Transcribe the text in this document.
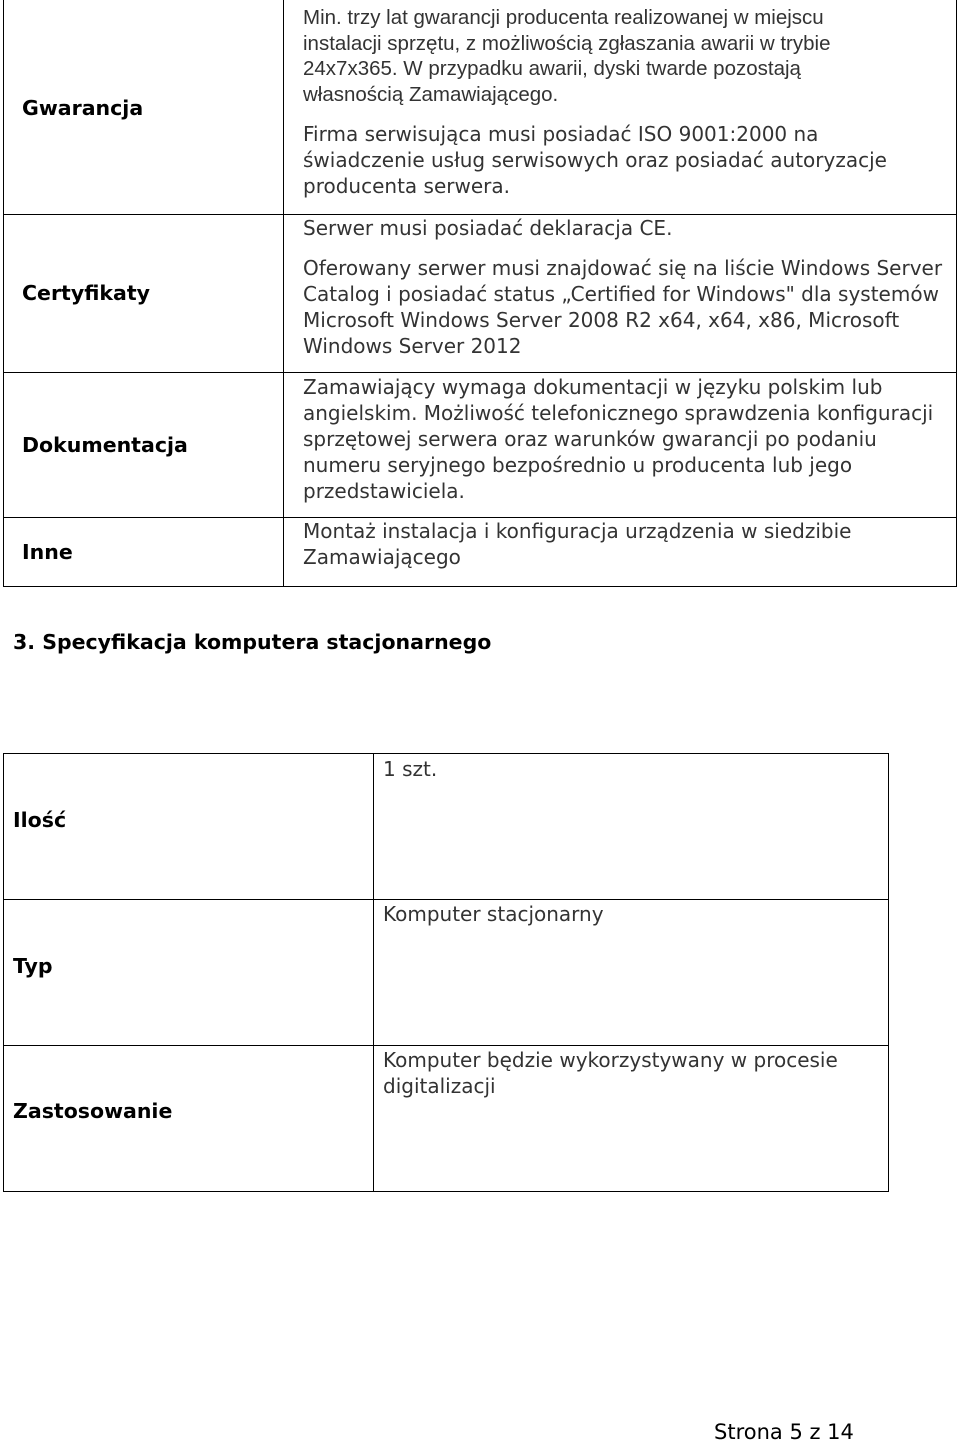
Gwarancja
Min. trzy lat gwarancji producenta realizowanej w miejscu instalacji sprzętu, z możliwością zgłaszania awarii w trybie 24x7x365. W przypadku awarii, dyski twarde pozostają własnością Zamawiającego.
Firma serwisująca musi posiadać ISO 9001:2000 na świadczenie usług serwisowych oraz posiadać autoryzacje producenta serwera.
Certyfikaty
Serwer musi posiadać deklaracja CE.
Oferowany serwer musi znajdować się na liście Windows Server Catalog i posiadać status „Certified for Windows" dla systemów Microsoft Windows Server 2008 R2 x64, x64, x86, Microsoft Windows Server 2012
Dokumentacja
Zamawiający wymaga dokumentacji w języku polskim lub angielskim. Możliwość telefonicznego sprawdzenia konfiguracji sprzętowej serwera oraz warunków gwarancji po podaniu numeru seryjnego bezpośrednio u producenta lub jego przedstawiciela.
Inne
Montaż instalacja i konfiguracja urządzenia w siedzibie Zamawiającego
3. Specyfikacja komputera stacjonarnego
Ilość
1 szt.
Typ
Komputer stacjonarny
Zastosowanie
Komputer będzie wykorzystywany w procesie digitalizacji
Strona 5 z 14
